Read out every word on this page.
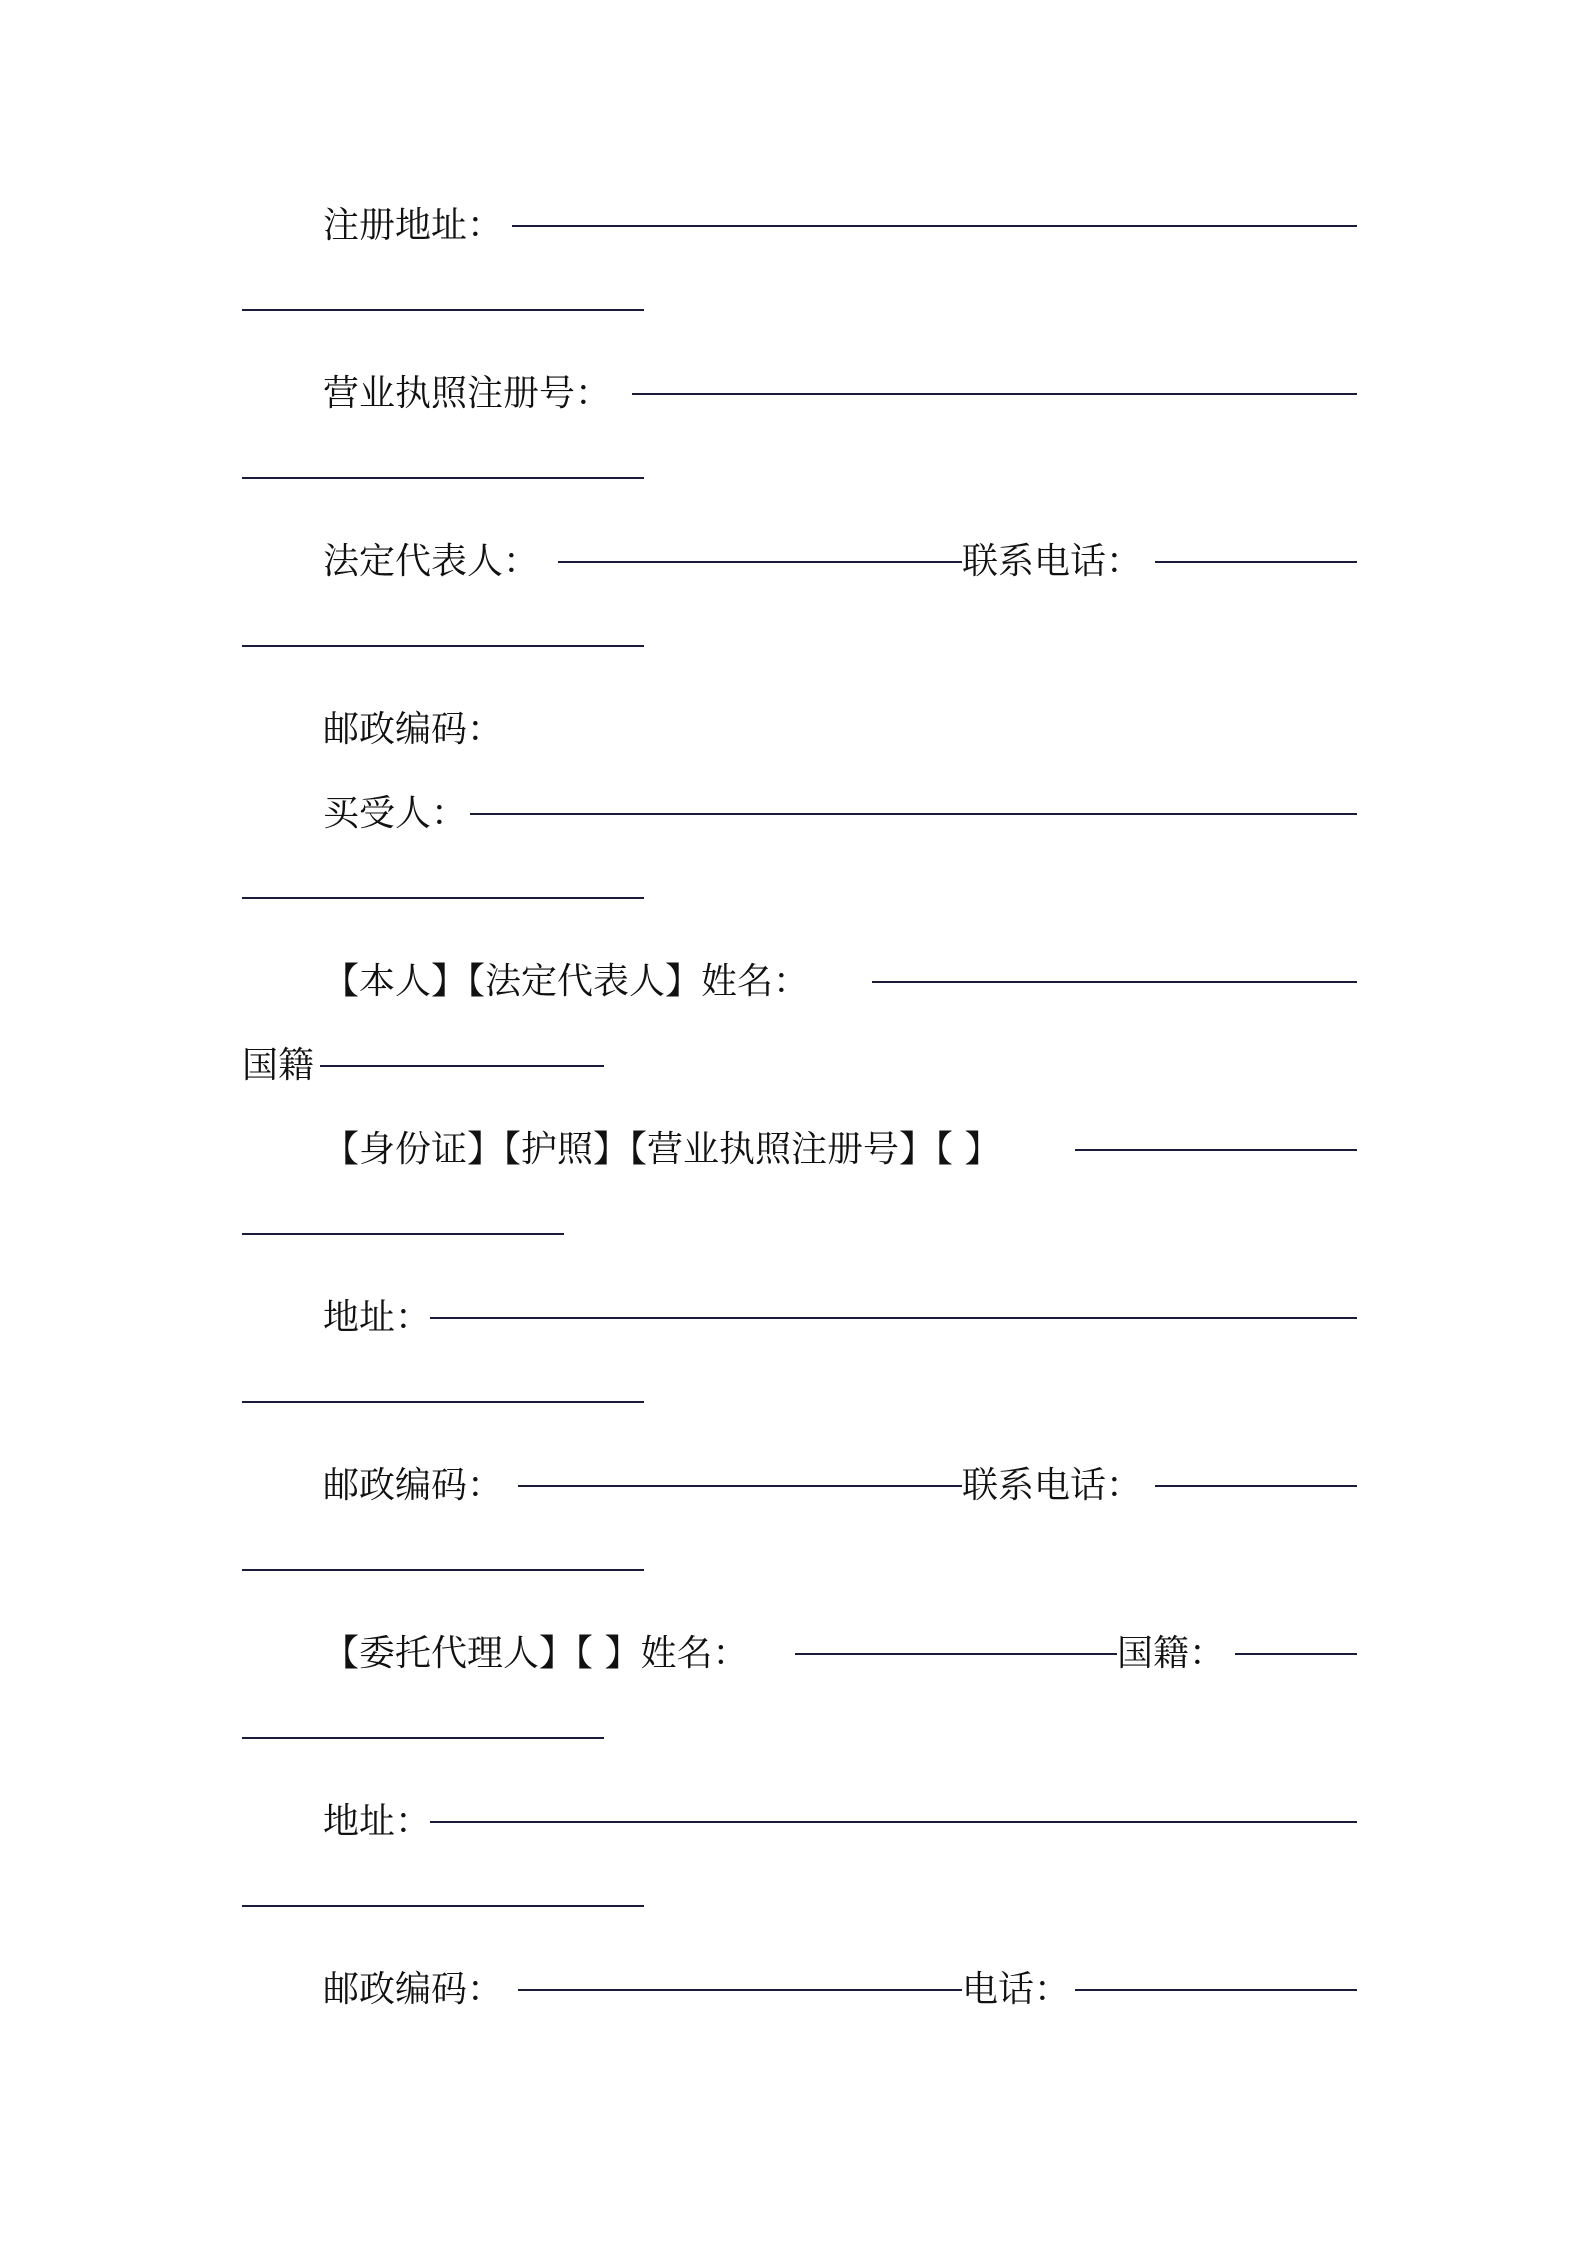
注册地址：
营业执照注册号：
法定代表人：	联系电话：
邮政编码：
买受人：
【本人】【法定代表人】姓名：
国籍
【身份证】【护照】【营业执照注册号】【 】
地址：
邮政编码：	联系电话：
【委托代理人】【 】姓名：	国籍：
地址：
邮政编码：	电话：
